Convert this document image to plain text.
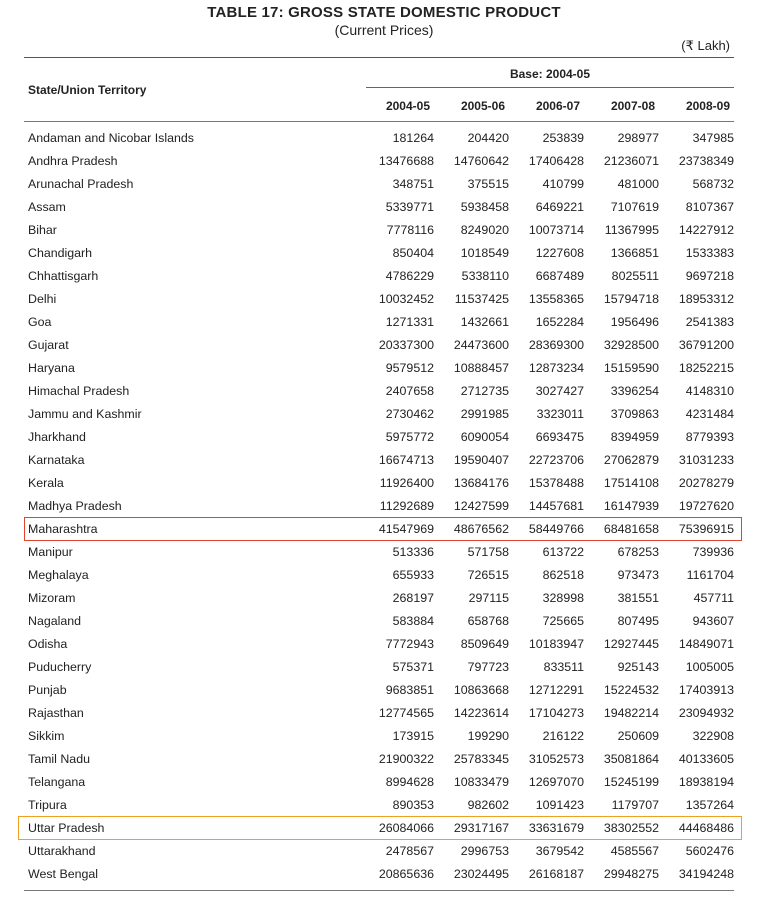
TABLE 17: GROSS STATE DOMESTIC PRODUCT
(Current Prices)
(₹ Lakh)
Base: 2004-05
State/Union Territory
2004-05	2005-06	2006-07	2007-08	2008-09
Andaman and Nicobar Islands	181264	204420	253839	298977	347985
Andhra Pradesh	13476688	14760642	17406428	21236071	23738349
Arunachal Pradesh	348751	375515	410799	481000	568732
Assam	5339771	5938458	6469221	7107619	8107367
Bihar	7778116	8249020	10073714	11367995	14227912
Chandigarh	850404	1018549	1227608	1366851	1533383
Chhattisgarh	4786229	5338110	6687489	8025511	9697218
Delhi	10032452	11537425	13558365	15794718	18953312
Goa	1271331	1432661	1652284	1956496	2541383
Gujarat	20337300	24473600	28369300	32928500	36791200
Haryana	9579512	10888457	12873234	15159590	18252215
Himachal Pradesh	2407658	2712735	3027427	3396254	4148310
Jammu and Kashmir	2730462	2991985	3323011	3709863	4231484
Jharkhand	5975772	6090054	6693475	8394959	8779393
Karnataka	16674713	19590407	22723706	27062879	31031233
Kerala	11926400	13684176	15378488	17514108	20278279
Madhya Pradesh	11292689	12427599	14457681	16147939	19727620
Maharashtra	41547969	48676562	58449766	68481658	75396915
Manipur	513336	571758	613722	678253	739936
Meghalaya	655933	726515	862518	973473	1161704
Mizoram	268197	297115	328998	381551	457711
Nagaland	583884	658768	725665	807495	943607
Odisha	7772943	8509649	10183947	12927445	14849071
Puducherry	575371	797723	833511	925143	1005005
Punjab	9683851	10863668	12712291	15224532	17403913
Rajasthan	12774565	14223614	17104273	19482214	23094932
Sikkim	173915	199290	216122	250609	322908
Tamil Nadu	21900322	25783345	31052573	35081864	40133605
Telangana	8994628	10833479	12697070	15245199	18938194
Tripura	890353	982602	1091423	1179707	1357264
Uttar Pradesh	26084066	29317167	33631679	38302552	44468486
Uttarakhand	2478567	2996753	3679542	4585567	5602476
West Bengal	20865636	23024495	26168187	29948275	34194248
